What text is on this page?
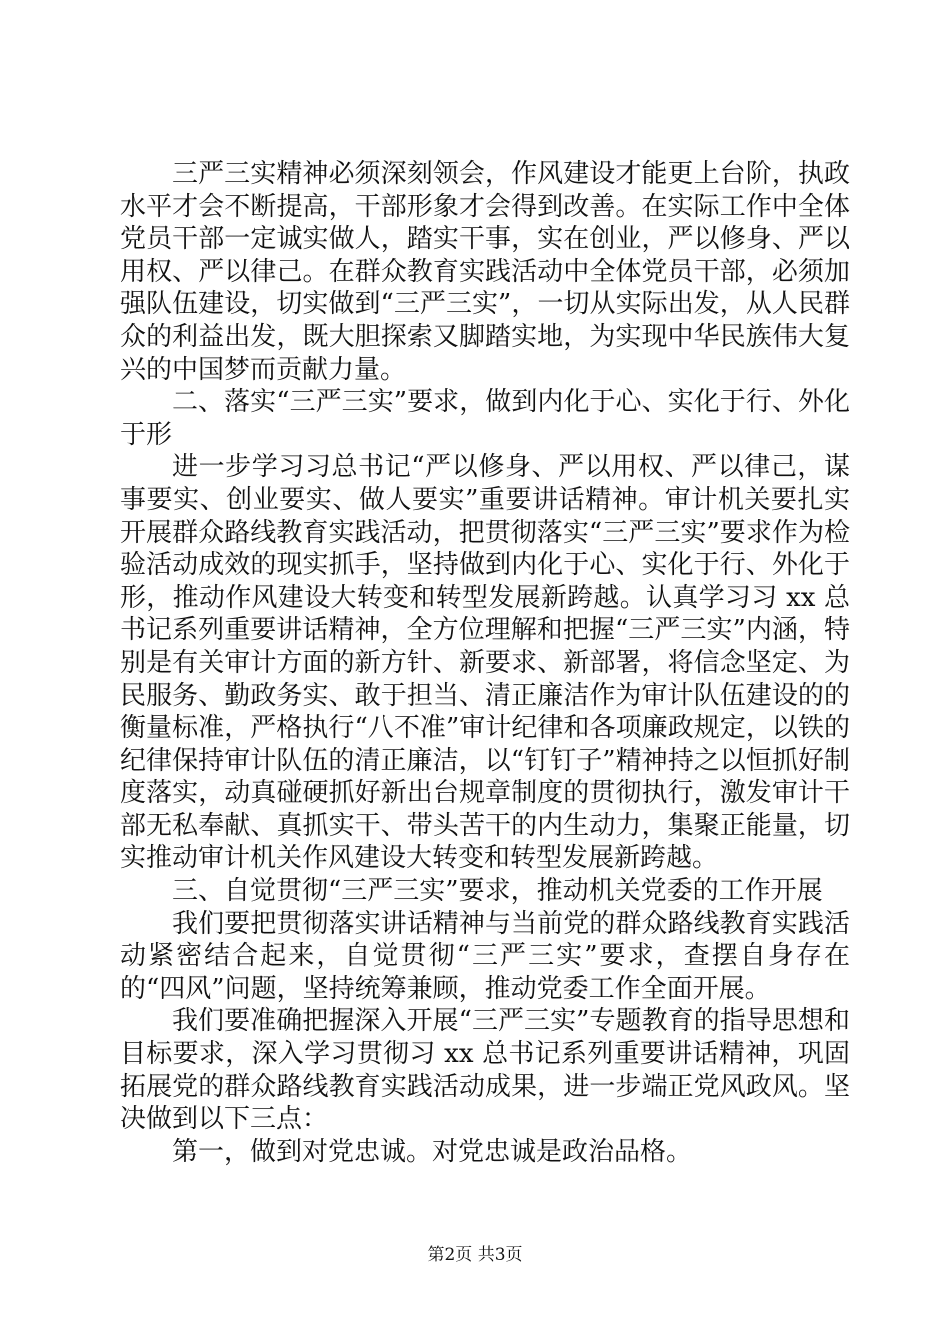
三严三实精神必须深刻领会，作风建设才能更上台阶，执政水平才会不断提高，干部形象才会得到改善。在实际工作中全体党员干部一定诚实做人，踏实干事，实在创业，严以修身、严以用权、严以律己。在群众教育实践活动中全体党员干部，必须加强队伍建设，切实做到“三严三实”，一切从实际出发，从人民群众的利益出发，既大胆探索又脚踏实地，为实现中华民族伟大复兴的中国梦而贡献力量。

二、落实“三严三实”要求，做到内化于心、实化于行、外化于形

进一步学习习总书记“严以修身、严以用权、严以律己，谋事要实、创业要实、做人要实”重要讲话精神。审计机关要扎实开展群众路线教育实践活动，把贯彻落实“三严三实”要求作为检验活动成效的现实抓手，坚持做到内化于心、实化于行、外化于形，推动作风建设大转变和转型发展新跨越。认真学习习 xx 总书记系列重要讲话精神，全方位理解和把握“三严三实”内涵，特别是有关审计方面的新方针、新要求、新部署，将信念坚定、为民服务、勤政务实、敢于担当、清正廉洁作为审计队伍建设的的衡量标准，严格执行“八不准”审计纪律和各项廉政规定，以铁的纪律保持审计队伍的清正廉洁，以“钉钉子”精神持之以恒抓好制度落实，动真碰硬抓好新出台规章制度的贯彻执行，激发审计干部无私奉献、真抓实干、带头苦干的内生动力，集聚正能量，切实推动审计机关作风建设大转变和转型发展新跨越。

三、自觉贯彻“三严三实”要求，推动机关党委的工作开展

我们要把贯彻落实讲话精神与当前党的群众路线教育实践活动紧密结合起来，自觉贯彻“三严三实”要求，查摆自身存在的“四风”问题，坚持统筹兼顾，推动党委工作全面开展。

我们要准确把握深入开展“三严三实”专题教育的指导思想和目标要求，深入学习贯彻习 xx 总书记系列重要讲话精神，巩固拓展党的群众路线教育实践活动成果，进一步端正党风政风。坚决做到以下三点：

第一，做到对党忠诚。对党忠诚是政治品格。

第2页 共3页
